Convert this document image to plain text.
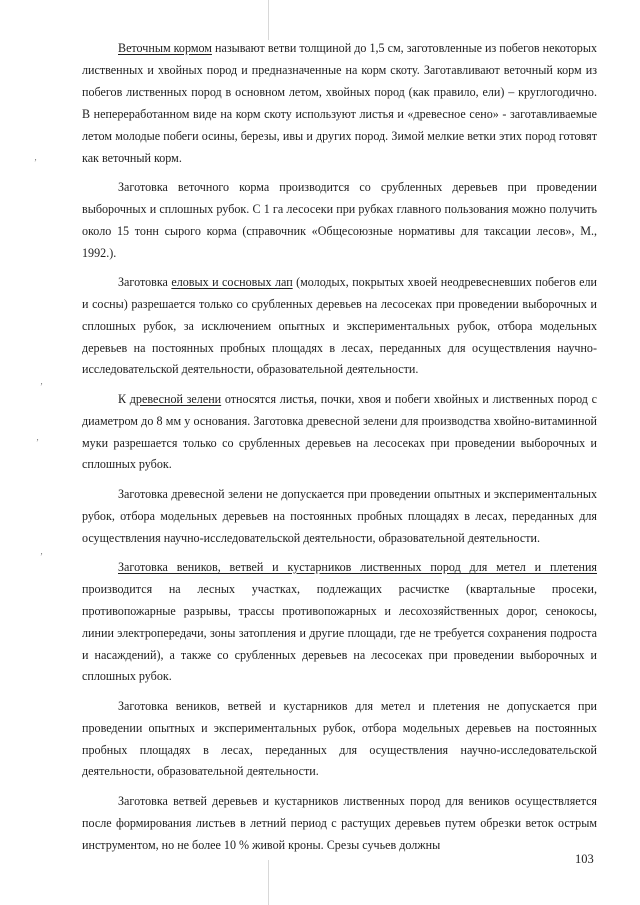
‚
‚
‚
‚

Веточным кормом называют ветви толщиной до 1,5 см, заготовленные из побегов некоторых лиственных и хвойных пород и предназначенные на корм скоту. Заготавливают веточный корм из побегов лиственных пород в основном летом, хвойных пород (как правило, ели) – круглогодично. В непереработанном виде на корм скоту используют листья и «древесное сено» - заготавливаемые летом молодые побеги осины, березы, ивы и других пород. Зимой мелкие ветки этих пород готовят как веточный корм.

Заготовка веточного корма производится со срубленных деревьев при проведении выборочных и сплошных рубок. С 1 га лесосеки при рубках главного пользования можно получить около 15 тонн сырого корма (справочник «Общесоюзные нормативы для таксации лесов», М., 1992.).

Заготовка еловых и сосновых лап (молодых, покрытых хвоей неодревесневших побегов ели и сосны) разрешается только со срубленных деревьев на лесосеках при проведении выборочных и сплошных рубок, за исключением опытных и экспериментальных рубок, отбора модельных деревьев на постоянных пробных площадях в лесах, переданных для осуществления научно-исследовательской деятельности, образовательной деятельности.

К древесной зелени относятся листья, почки, хвоя и побеги хвойных и лиственных пород с диаметром до 8 мм у основания. Заготовка древесной зелени для производства хвойно-витаминной муки разрешается только со срубленных деревьев на лесосеках при проведении выборочных и сплошных рубок.

Заготовка древесной зелени не допускается при проведении опытных и экспериментальных рубок, отбора модельных деревьев на постоянных пробных площадях в лесах, переданных для осуществления научно-исследовательской деятельности, образовательной деятельности.

Заготовка веников, ветвей и кустарников лиственных пород для метел и плетения производится на лесных участках, подлежащих расчистке (квартальные просеки, противопожарные разрывы, трассы противопожарных и лесохозяйственных дорог, сенокосы, линии электропередачи, зоны затопления и другие площади, где не требуется сохранения подроста и насаждений), а также со срубленных деревьев на лесосеках при проведении выборочных и сплошных рубок.

Заготовка веников, ветвей и кустарников для метел и плетения не допускается при проведении опытных и экспериментальных рубок, отбора модельных деревьев на постоянных пробных площадях в лесах, переданных для осуществления научно-исследовательской деятельности, образовательной деятельности.

Заготовка ветвей деревьев и кустарников лиственных пород для веников осуществляется после формирования листьев в летний период с растущих деревьев путем обрезки веток острым инструментом, но не более 10 % живой кроны. Срезы сучьев должны

103
